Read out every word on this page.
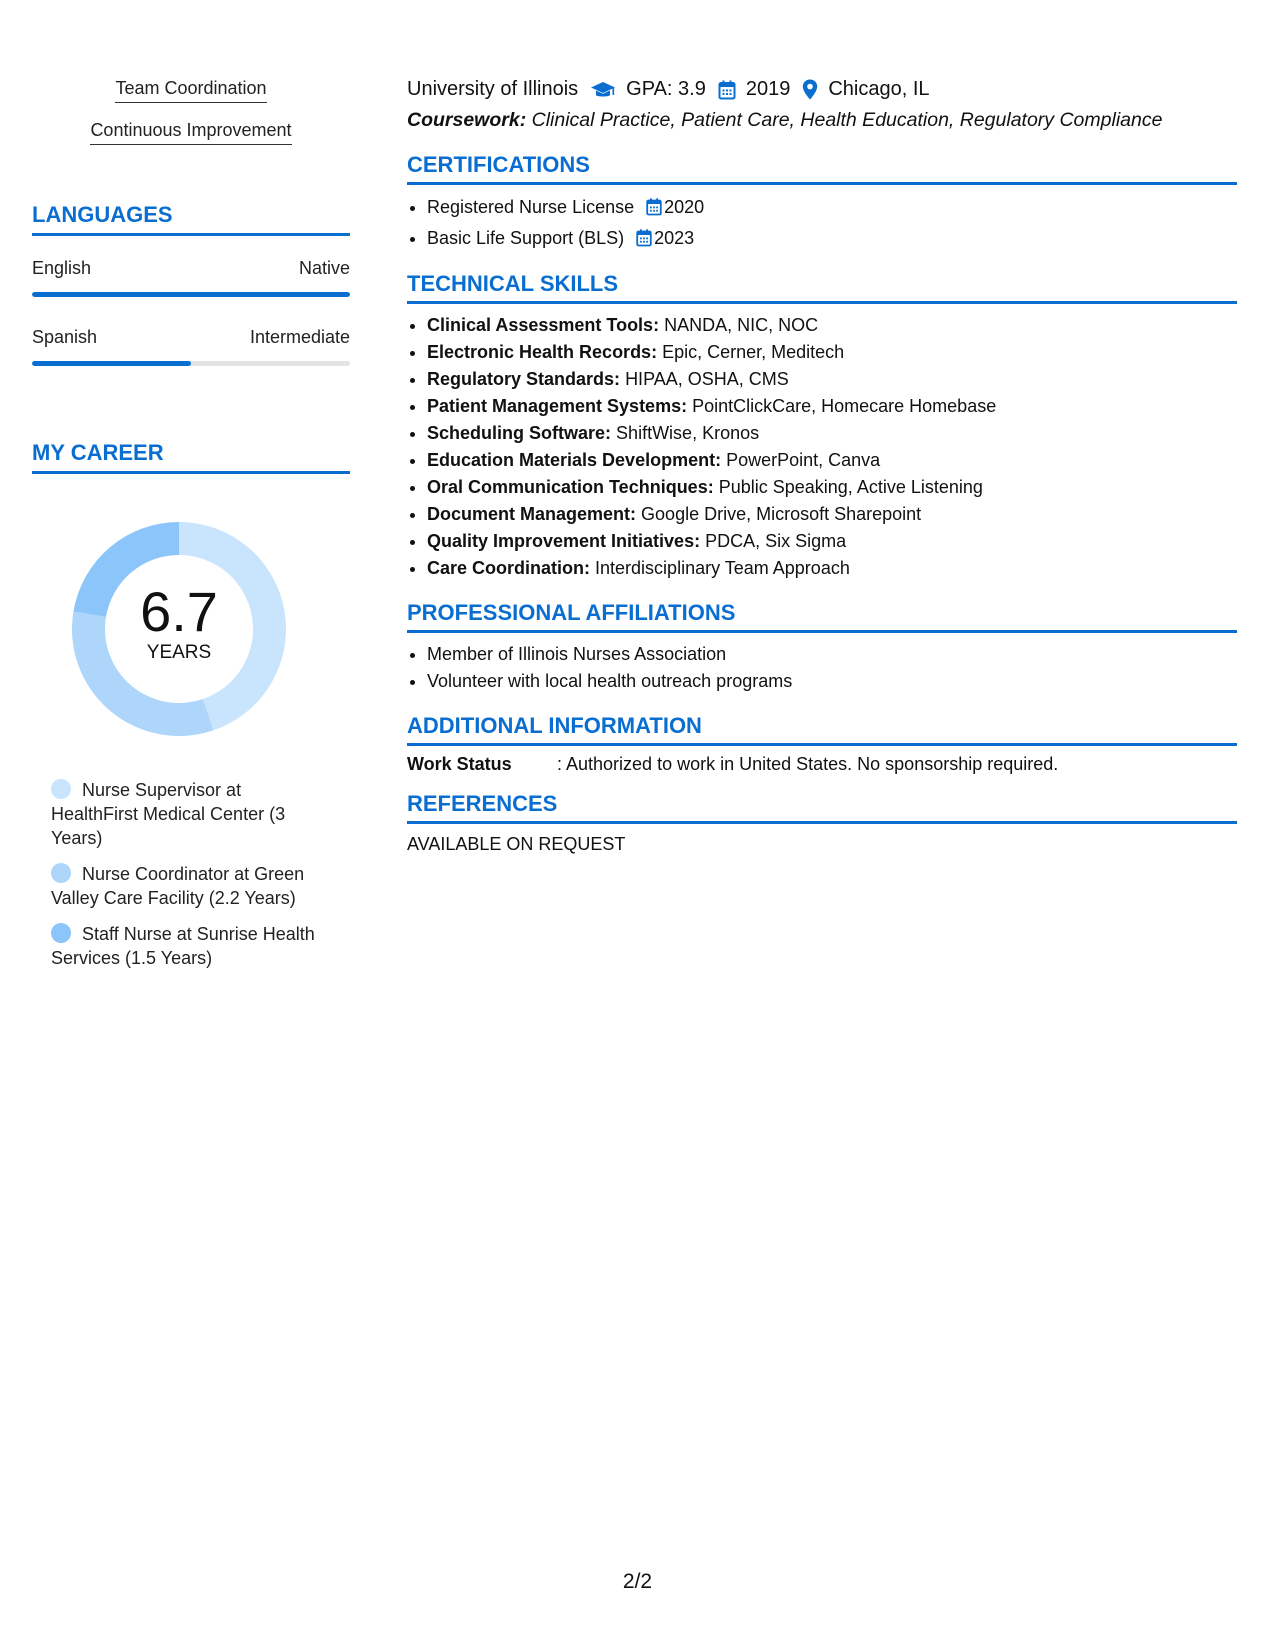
Team Coordination
Continuous Improvement
LANGUAGES
English	Native
Spanish	Intermediate
MY CAREER
6.7
YEARS
Nurse Supervisor at HealthFirst Medical Center (3 Years)
Nurse Coordinator at Green Valley Care Facility (2.2 Years)
Staff Nurse at Sunrise Health Services (1.5 Years)
University of Illinois GPA: 3.9 2019 Chicago, IL
Coursework: Clinical Practice, Patient Care, Health Education, Regulatory Compliance
CERTIFICATIONS
• Registered Nurse License 2020
• Basic Life Support (BLS) 2023
TECHNICAL SKILLS
• Clinical Assessment Tools: NANDA, NIC, NOC
• Electronic Health Records: Epic, Cerner, Meditech
• Regulatory Standards: HIPAA, OSHA, CMS
• Patient Management Systems: PointClickCare, Homecare Homebase
• Scheduling Software: ShiftWise, Kronos
• Education Materials Development: PowerPoint, Canva
• Oral Communication Techniques: Public Speaking, Active Listening
• Document Management: Google Drive, Microsoft Sharepoint
• Quality Improvement Initiatives: PDCA, Six Sigma
• Care Coordination: Interdisciplinary Team Approach
PROFESSIONAL AFFILIATIONS
• Member of Illinois Nurses Association
• Volunteer with local health outreach programs
ADDITIONAL INFORMATION
Work Status	: Authorized to work in United States. No sponsorship required.
REFERENCES
AVAILABLE ON REQUEST
2/2
